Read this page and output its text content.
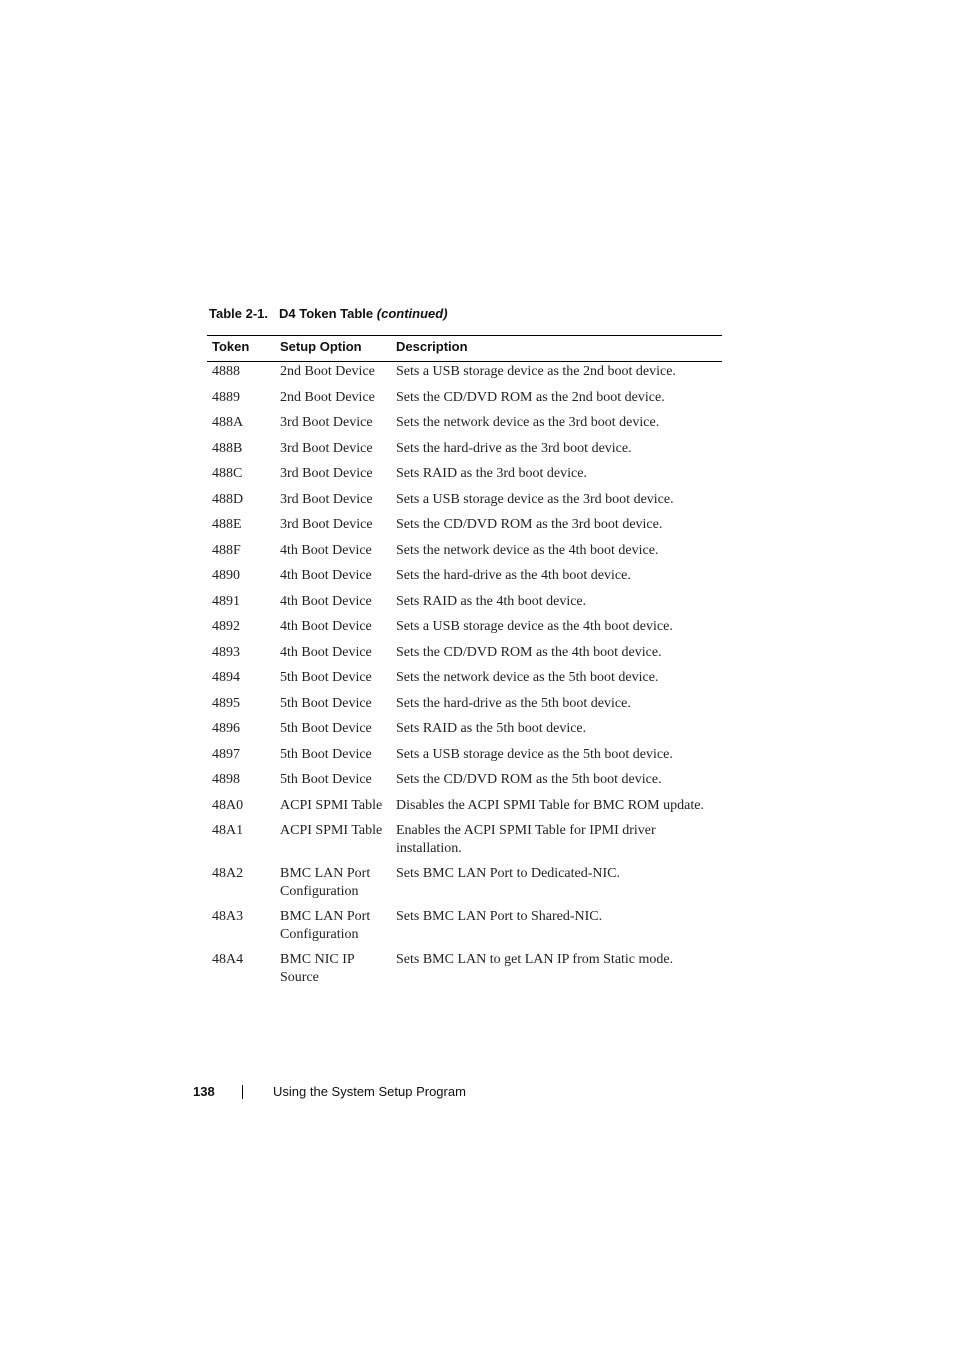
Table 2-1. D4 Token Table (continued)
Token Setup Option	Description
4888	2nd Boot Device	Sets a USB storage device as the 2nd boot device.
4889	2nd Boot Device	Sets the CD/DVD ROM as the 2nd boot device.
488A	3rd Boot Device	Sets the network device as the 3rd boot device.
488B	3rd Boot Device	Sets the hard-drive as the 3rd boot device.
488C	3rd Boot Device	Sets RAID as the 3rd boot device.
488D	3rd Boot Device	Sets a USB storage device as the 3rd boot device.
488E	3rd Boot Device	Sets the CD/DVD ROM as the 3rd boot device.
488F	4th Boot Device	Sets the network device as the 4th boot device.
4890	4th Boot Device	Sets the hard-drive as the 4th boot device.
4891	4th Boot Device	Sets RAID as the 4th boot device.
4892	4th Boot Device	Sets a USB storage device as the 4th boot device.
4893	4th Boot Device	Sets the CD/DVD ROM as the 4th boot device.
4894	5th Boot Device	Sets the network device as the 5th boot device.
4895	5th Boot Device	Sets the hard-drive as the 5th boot device.
4896	5th Boot Device	Sets RAID as the 5th boot device.
4897	5th Boot Device	Sets a USB storage device as the 5th boot device.
4898	5th Boot Device	Sets the CD/DVD ROM as the 5th boot device.
48A0	ACPI SPMI Table	Disables the ACPI SPMI Table for BMC ROM update.
48A1	ACPI SPMI Table	Enables the ACPI SPMI Table for IPMI driver installation.
48A2	BMC LAN Port Configuration	Sets BMC LAN Port to Dedicated-NIC.
48A3	BMC LAN Port Configuration	Sets BMC LAN Port to Shared-NIC.
48A4	BMC NIC IP Source	Sets BMC LAN to get LAN IP from Static mode.
138	Using the System Setup Program
